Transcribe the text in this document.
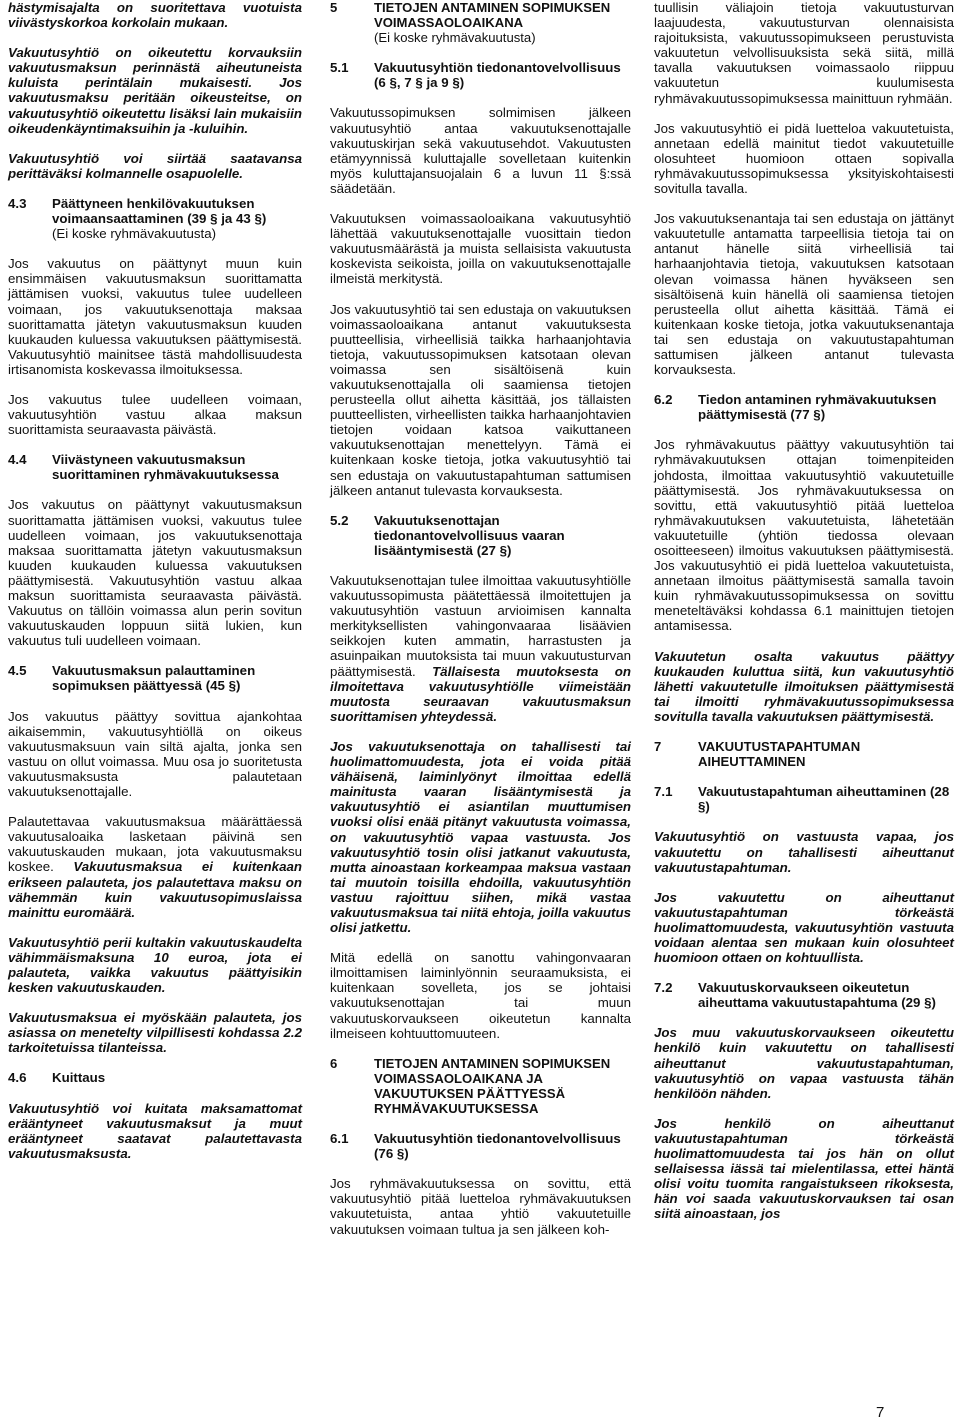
hästymisajalta on suoritettava vuotuista viivästyskorkoa korkolain mukaan.

Vakuutusyhtiö on oikeutettu korvauksiin vakuutusmaksun perinnästä aiheutuneista kuluista perintälain mukaisesti. Jos vakuutusmaksu peritään oikeusteitse, on vakuutusyhtiö oikeutettu lisäksi lain mukaisiin oikeudenkäyntimaksuihin ja -kuluihin.

Vakuutusyhtiö voi siirtää saatavansa perittäväksi kolmannelle osapuolelle.

4.3	Päättyneen henkilövakuutuksen voimaansaattaminen (39 § ja 43 §)
(Ei koske ryhmävakuutusta)

Jos vakuutus on päättynyt muun kuin ensimmäisen vakuutusmaksun suorittamatta jättämisen vuoksi, vakuutus tulee uudelleen voimaan, jos vakuutuksenottaja maksaa suorittamatta jätetyn vakuutusmaksun kuuden kuukauden kuluessa vakuutuksen päättymisestä. Vakuutusyhtiö mainitsee tästä mahdollisuudesta irtisanomista koskevassa ilmoituksessa.

Jos vakuutus tulee uudelleen voimaan, vakuutusyhtiön vastuu alkaa maksun suorittamista seuraavasta päivästä.

4.4	Viivästyneen vakuutusmaksun suorittaminen ryhmävakuutuksessa

Jos vakuutus on päättynyt vakuutusmaksun suorittamatta jättämisen vuoksi, vakuutus tulee uudelleen voimaan, jos vakuutuksenottaja maksaa suorittamatta jätetyn vakuutusmaksun kuuden kuukauden kuluessa vakuutuksen päättymisestä. Vakuutusyhtiön vastuu alkaa maksun suorittamista seuraavasta päivästä. Vakuutus on tällöin voimassa alun perin sovitun vakuutuskauden loppuun siitä lukien, kun vakuutus tuli uudelleen voimaan.

4.5	Vakuutusmaksun palauttaminen sopimuksen päättyessä (45 §)

Jos vakuutus päättyy sovittua ajankohtaa aikaisemmin, vakuutusyhtiöllä on oikeus vakuutusmaksuun vain siltä ajalta, jonka sen vastuu on ollut voimassa. Muu osa jo suoritetusta vakuutusmaksusta palautetaan vakuutuksenottajalle.

Palautettavaa vakuutusmaksua määrättäessä vakuutusaloaika lasketaan päivinä sen vakuutuskauden mukaan, jota vakuutusmaksu koskee. Vakuutusmaksua ei kuitenkaan erikseen palauteta, jos palautettava maksu on vähemmän kuin vakuutusopimuslaissa mainittu euromäärä.

Vakuutusyhtiö perii kultakin vakuutuskaudelta vähimmäismaksuna 10 euroa, jota ei palauteta, vaikka vakuutus päättyisikin kesken vakuutuskauden.

Vakuutusmaksua ei myöskään palauteta, jos asiassa on menetelty vilpillisesti kohdassa 2.2 tarkoitetuissa tilanteissa.

4.6	Kuittaus

Vakuutusyhtiö voi kuitata maksamattomat erääntyneet vakuutusmaksut ja muut erääntyneet saatavat palautettavasta vakuutusmaksusta.

5	TIETOJEN ANTAMINEN SOPIMUKSEN VOIMASSAOLOAIKANA
(Ei koske ryhmävakuutusta)
5.1	Vakuutusyhtiön tiedonantovelvollisuus (6 §, 7 § ja 9 §)

Vakuutussopimuksen solmimisen jälkeen vakuutusyhtiö antaa vakuutuksenottajalle vakuutuskirjan sekä vakuutusehdot. Vakuutusten etämyynnissä kuluttajalle sovelletaan kuitenkin myös kuluttajansuojalain 6 a luvun 11 §:ssä säädetään.

Vakuutuksen voimassaoloaikana vakuutusyhtiö lähettää vakuutuksenottajalle vuosittain tiedon vakuutusmäärästä ja muista sellaisista vakuutusta koskevista seikoista, joilla on vakuutuksenottajalle ilmeistä merkitystä.

Jos vakuutusyhtiö tai sen edustaja on vakuutuksen voimassaoloaikana antanut vakuutuksesta puutteellisia, virheellisiä taikka harhaanjohtavia tietoja, vakuutussopimuksen katsotaan olevan voimassa sen sisältöisenä kuin vakuutuksenottajalla oli saamiensa tietojen perusteella ollut aihetta käsittää, jos tällaisten puutteellisten, virheellisten taikka harhaanjohtavien tietojen voidaan katsoa vaikuttaneen vakuutuksenottajan menettelyyn. Tämä ei kuitenkaan koske tietoja, jotka vakuutusyhtiö tai sen edustaja on vakuutustapahtuman sattumisen jälkeen antanut tulevasta korvauksesta.

5.2	Vakuutuksenottajan tiedonantovelvollisuus vaaran lisääntymisestä (27 §)

Vakuutuksenottajan tulee ilmoittaa vakuutusyhtiölle vakuutussopimusta päätettäessä ilmoitettujen ja vakuutusyhtiön vastuun arvioimisen kannalta merkityksellisten vahingonvaaraa lisäävien seikkojen kuten ammatin, harrastusten ja asuinpaikan muutoksista tai muun vakuutusturvan päättymisestä. Tällaisesta muutoksesta on ilmoitettava vakuutusyhtiölle viimeistään muutosta seuraavan vakuutusmaksun suorittamisen yhteydessä.

Jos vakuutuksenottaja on tahallisesti tai huolimattomuudesta, jota ei voida pitää vähäisenä, laiminlyönyt ilmoittaa edellä mainitusta vaaran lisääntymisestä ja vakuutusyhtiö ei asiantilan muuttumisen vuoksi olisi enää pitänyt vakuutusta voimassa, on vakuutusyhtiö vapaa vastuusta. Jos vakuutusyhtiö tosin olisi jatkanut vakuutusta, mutta ainoastaan korkeampaa maksua vastaan tai muutoin toisilla ehdoilla, vakuutusyhtiön vastuu rajoittuu siihen, mikä vastaa vakuutusmaksua tai niitä ehtoja, joilla vakuutus olisi jatkettu.

Mitä edellä on sanottu vahingonvaaran ilmoittamisen laiminlyönnin seuraamuksista, ei kuitenkaan sovelleta, jos se johtaisi vakuutuksenottajan tai muun vakuutuskorvaukseen oikeutetun kannalta ilmeiseen kohtuuttomuuteen.

6	TIETOJEN ANTAMINEN SOPIMUKSEN VOIMASSAOLOAIKANA JA VAKUUTUKSEN PÄÄTTYESSÄ RYHMÄVAKUUTUKSESSA
6.1	Vakuutusyhtiön tiedonantovelvollisuus (76 §)

Jos ryhmävakuutuksessa on sovittu, että vakuutusyhtiö pitää luetteloa ryhmävakuutuksen vakuutetuista, antaa yhtiö vakuutetuille vakuutuksen voimaan tultua ja sen jälkeen koh-

tuullisin väliajoin tietoja vakuutusturvan laajuudesta, vakuutusturvan olennaisista rajoituksista, vakuutussopimukseen perustuvista vakuutetun velvollisuuksista sekä siitä, millä tavalla vakuutuksen voimassaolo riippuu vakuutetun kuulumisesta ryhmävakuutussopimuksessa mainittuun ryhmään.

Jos vakuutusyhtiö ei pidä luetteloa vakuutetuista, annetaan edellä mainitut tiedot vakuutetuille olosuhteet huomioon ottaen sopivalla ryhmävakuutussopimuksessa yksityiskohtaisesti sovitulla tavalla.

Jos vakuutuksenantaja tai sen edustaja on jättänyt vakuutetulle antamatta tarpeellisia tietoja tai on antanut hänelle siitä virheellisiä tai harhaanjohtavia tietoja, vakuutuksen katsotaan olevan voimassa hänen hyväkseen sen sisältöisenä kuin hänellä oli saamiensa tietojen perusteella ollut aihetta käsittää. Tämä ei kuitenkaan koske tietoja, jotka vakuutuksenantaja tai sen edustaja on vakuutustapahtuman sattumisen jälkeen antanut tulevasta korvauksesta.

6.2	Tiedon antaminen ryhmävakuutuksen päättymisestä (77 §)

Jos ryhmävakuutus päättyy vakuutusyhtiön tai ryhmävakuutuksen ottajan toimenpiteiden johdosta, ilmoittaa vakuutusyhtiö vakuutetuille päättymisestä. Jos ryhmävakuutuksessa on sovittu, että vakuutusyhtiö pitää luetteloa ryhmävakuutuksen vakuutetuista, lähetetään vakuutetuille (yhtiön tiedossa olevaan osoitteeseen) ilmoitus vakuutuksen päättymisestä. Jos vakuutusyhtiö ei pidä luetteloa vakuutetuista, annetaan ilmoitus päättymisestä samalla tavoin kuin ryhmävakuutussopimuksessa on sovittu meneteltäväksi kohdassa 6.1 mainittujen tietojen antamisessa.

Vakuutetun osalta vakuutus päättyy kuukauden kuluttua siitä, kun vakuutusyhtiö lähetti vakuutetulle ilmoituksen päättymisestä tai ilmoitti ryhmävakuutussopimuksessa sovitulla tavalla vakuutuksen päättymisestä.

7	VAKUUTUSTAPAHTUMAN AIHEUTTAMINEN
7.1	Vakuutustapahtuman aiheuttaminen (28 §)

Vakuutusyhtiö on vastuusta vapaa, jos vakuutettu on tahallisesti aiheuttanut vakuutustapahtuman.

Jos vakuutettu on aiheuttanut vakuutustapahtuman törkeästä huolimattomuudesta, vakuutusyhtiön vastuuta voidaan alentaa sen mukaan kuin olosuhteet huomioon ottaen on kohtuullista.

7.2	Vakuutuskorvaukseen oikeutetun aiheuttama vakuutustapahtuma (29 §)

Jos muu vakuutuskorvaukseen oikeutettu henkilö kuin vakuutettu on tahallisesti aiheuttanut vakuutustapahtuman, vakuutusyhtiö on vapaa vastuusta tähän henkilöön nähden.

Jos henkilö on aiheuttanut vakuutustapahtuman törkeästä huolimattomuudesta tai jos hän on ollut sellaisessa iässä tai mielentilassa, ettei häntä olisi voitu tuomita rangaistukseen rikoksesta, hän voi saada vakuutuskorvauksen tai osan siitä ainoastaan, jos

7
